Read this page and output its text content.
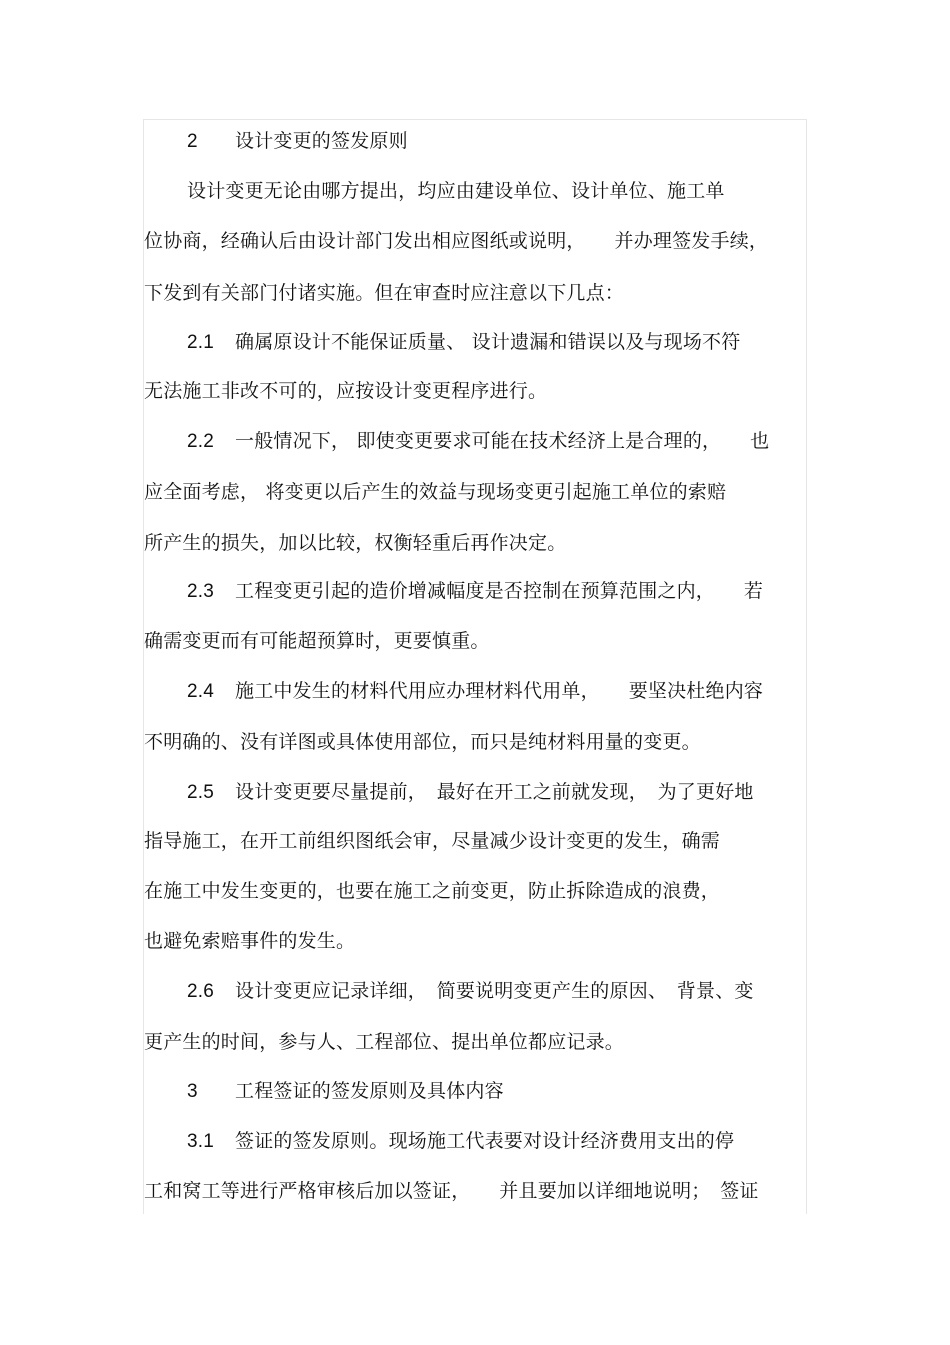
2 设计变更的签发原则
设计变更无论由哪方提出，均应由建设单位、设计单位、施工单
位协商，经确认后由设计部门发出相应图纸或说明，　　并办理签发手续，
下发到有关部门付诸实施。但在审查时应注意以下几点：
2.1 确属原设计不能保证质量、 设计遗漏和错误以及与现场不符
无法施工非改不可的，应按设计变更程序进行。
2.2 一般情况下， 即使变更要求可能在技术经济上是合理的，　　也
应全面考虑， 将变更以后产生的效益与现场变更引起施工单位的索赔
所产生的损失，加以比较，权衡轻重后再作决定。
2.3 工程变更引起的造价增减幅度是否控制在预算范围之内，　　若
确需变更而有可能超预算时，更要慎重。
2.4 施工中发生的材料代用应办理材料代用单，　　要坚决杜绝内容
不明确的、没有详图或具体使用部位，而只是纯材料用量的变更。
2.5 设计变更要尽量提前，　最好在开工之前就发现，　为了更好地
指导施工，在开工前组织图纸会审，尽量减少设计变更的发生，确需
在施工中发生变更的，也要在施工之前变更，防止拆除造成的浪费，
也避免索赔事件的发生。
2.6 设计变更应记录详细，　简要说明变更产生的原因、　背景、变
更产生的时间，参与人、工程部位、提出单位都应记录。
3 工程签证的签发原则及具体内容
3.1 签证的签发原则。现场施工代表要对设计经济费用支出的停
工和窝工等进行严格审核后加以签证，　　并且要加以详细地说明；　签证
